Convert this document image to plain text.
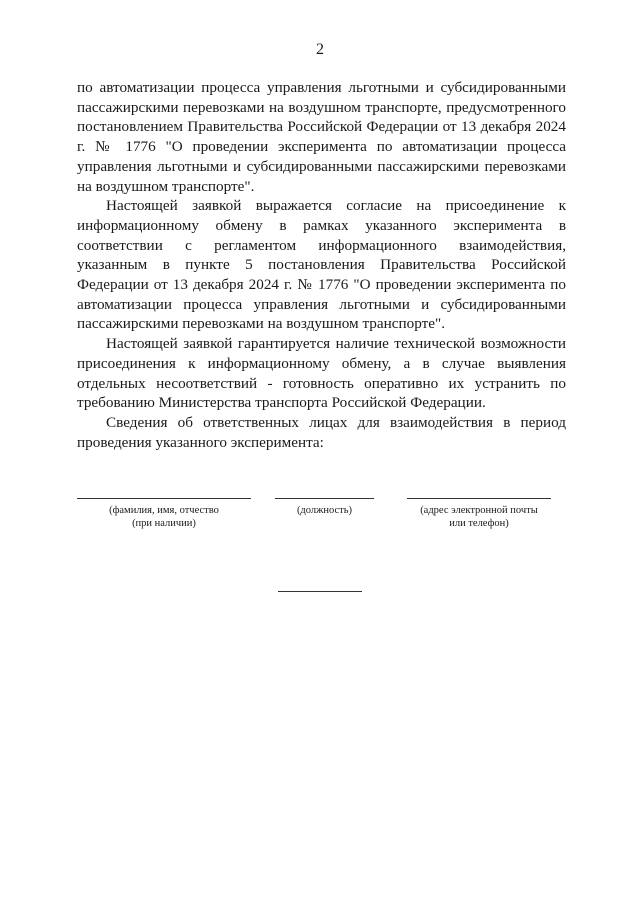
2

по автоматизации процесса управления льготными и субсидированными пассажирскими перевозками на воздушном транспорте, предусмотренного постановлением Правительства Российской Федерации от 13 декабря 2024 г. № 1776 "О проведении эксперимента по автоматизации процесса управления льготными и субсидированными пассажирскими перевозками на воздушном транспорте".

Настоящей заявкой выражается согласие на присоединение к информационному обмену в рамках указанного эксперимента в соответствии с регламентом информационного взаимодействия, указанным в пункте 5 постановления Правительства Российской Федерации от 13 декабря 2024 г. № 1776 "О проведении эксперимента по автоматизации процесса управления льготными и субсидированными пассажирскими перевозками на воздушном транспорте".

Настоящей заявкой гарантируется наличие технической возможности присоединения к информационному обмену, а в случае выявления отдельных несоответствий - готовность оперативно их устранить по требованию Министерства транспорта Российской Федерации.

Сведения об ответственных лицах для взаимодействия в период проведения указанного эксперимента:

(фамилия, имя, отчество
(при наличии)
(должность)	(адрес электронной почты
или телефон)
